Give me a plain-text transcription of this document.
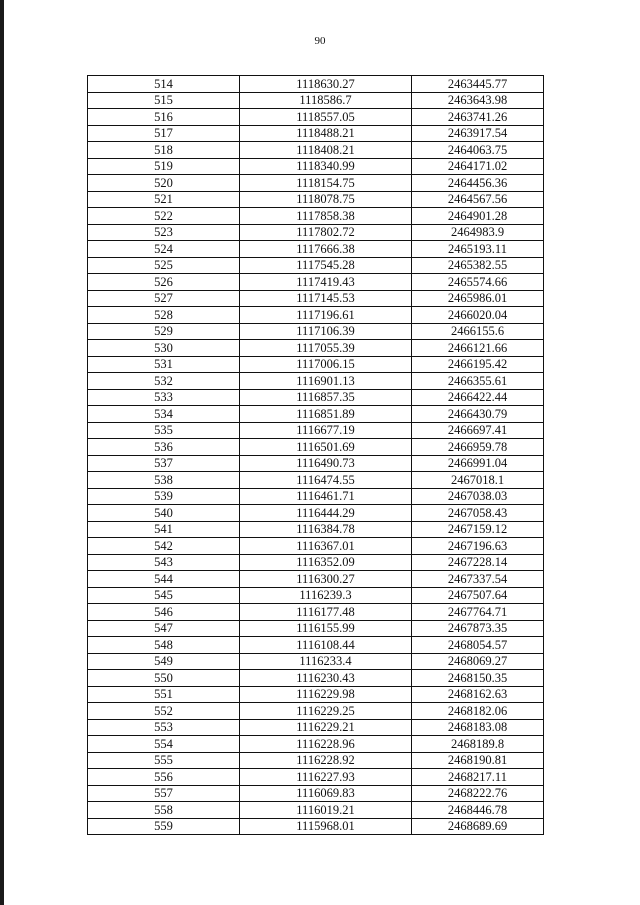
90
514	1118630.27	2463445.77
515	1118586.7	2463643.98
516	1118557.05	2463741.26
517	1118488.21	2463917.54
518	1118408.21	2464063.75
519	1118340.99	2464171.02
520	1118154.75	2464456.36
521	1118078.75	2464567.56
522	1117858.38	2464901.28
523	1117802.72	2464983.9
524	1117666.38	2465193.11
525	1117545.28	2465382.55
526	1117419.43	2465574.66
527	1117145.53	2465986.01
528	1117196.61	2466020.04
529	1117106.39	2466155.6
530	1117055.39	2466121.66
531	1117006.15	2466195.42
532	1116901.13	2466355.61
533	1116857.35	2466422.44
534	1116851.89	2466430.79
535	1116677.19	2466697.41
536	1116501.69	2466959.78
537	1116490.73	2466991.04
538	1116474.55	2467018.1
539	1116461.71	2467038.03
540	1116444.29	2467058.43
541	1116384.78	2467159.12
542	1116367.01	2467196.63
543	1116352.09	2467228.14
544	1116300.27	2467337.54
545	1116239.3	2467507.64
546	1116177.48	2467764.71
547	1116155.99	2467873.35
548	1116108.44	2468054.57
549	1116233.4	2468069.27
550	1116230.43	2468150.35
551	1116229.98	2468162.63
552	1116229.25	2468182.06
553	1116229.21	2468183.08
554	1116228.96	2468189.8
555	1116228.92	2468190.81
556	1116227.93	2468217.11
557	1116069.83	2468222.76
558	1116019.21	2468446.78
559	1115968.01	2468689.69
